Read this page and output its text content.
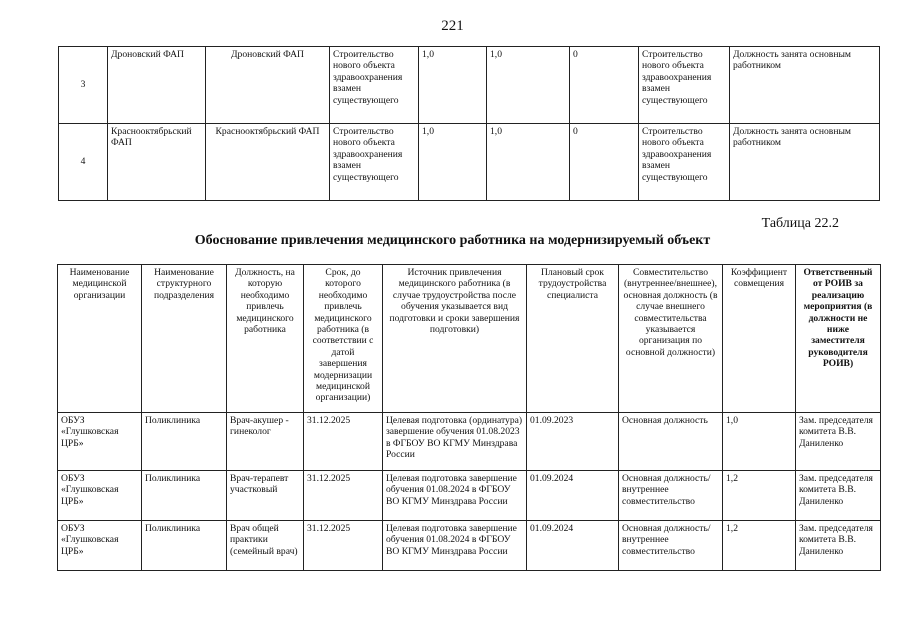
221
3	Дроновский ФАП	Дроновский ФАП	Строительство нового объекта здравоохранения взамен существующего	1,0	1,0	0	Строительство нового объекта здравоохранения взамен существующего	Должность занята основным работником
4	Краснооктябрьский ФАП	Краснооктябрьский ФАП	Строительство нового объекта здравоохранения взамен существующего	1,0	1,0	0	Строительство нового объекта здравоохранения взамен существующего	Должность занята основным работником
Таблица 22.2
Обоснование привлечения медицинского работника на модернизируемый объект
Наименование медицинской организации	Наименование структурного подразделения	Должность, на которую необходимо привлечь медицинского работника	Срок, до которого необходимо привлечь медицинского работника (в соответствии с датой завершения модернизации медицинской организации)	Источник привлечения медицинского работника (в случае трудоустройства после обучения указывается вид подготовки и сроки завершения подготовки)	Плановый срок трудоустройства специалиста	Совместительство (внутреннее/внешнее), основная должность (в случае внешнего совместительства указывается организация по основной должности)	Коэффициент совмещения	Ответственный от РОИВ за реализацию мероприятия (в должности не ниже заместителя руководителя РОИВ)
ОБУЗ «Глушковская ЦРБ»	Поликлиника	Врач-акушер - гинеколог	31.12.2025	Целевая подготовка (ординатура) завершение обучения 01.08.2023 в ФГБОУ ВО КГМУ Минздрава России	01.09.2023	Основная должность	1,0	Зам. председателя комитета В.В. Даниленко
ОБУЗ «Глушковская ЦРБ»	Поликлиника	Врач-терапевт участковый	31.12.2025	Целевая подготовка завершение обучения 01.08.2024 в ФГБОУ ВО КГМУ Минздрава России	01.09.2024	Основная должность/внутреннее совместительство	1,2	Зам. председателя комитета В.В. Даниленко
ОБУЗ «Глушковская ЦРБ»	Поликлиника	Врач общей практики (семейный врач)	31.12.2025	Целевая подготовка завершение обучения 01.08.2024 в ФГБОУ ВО КГМУ Минздрава России	01.09.2024	Основная должность/внутреннее совместительство	1,2	Зам. председателя комитета В.В. Даниленко
